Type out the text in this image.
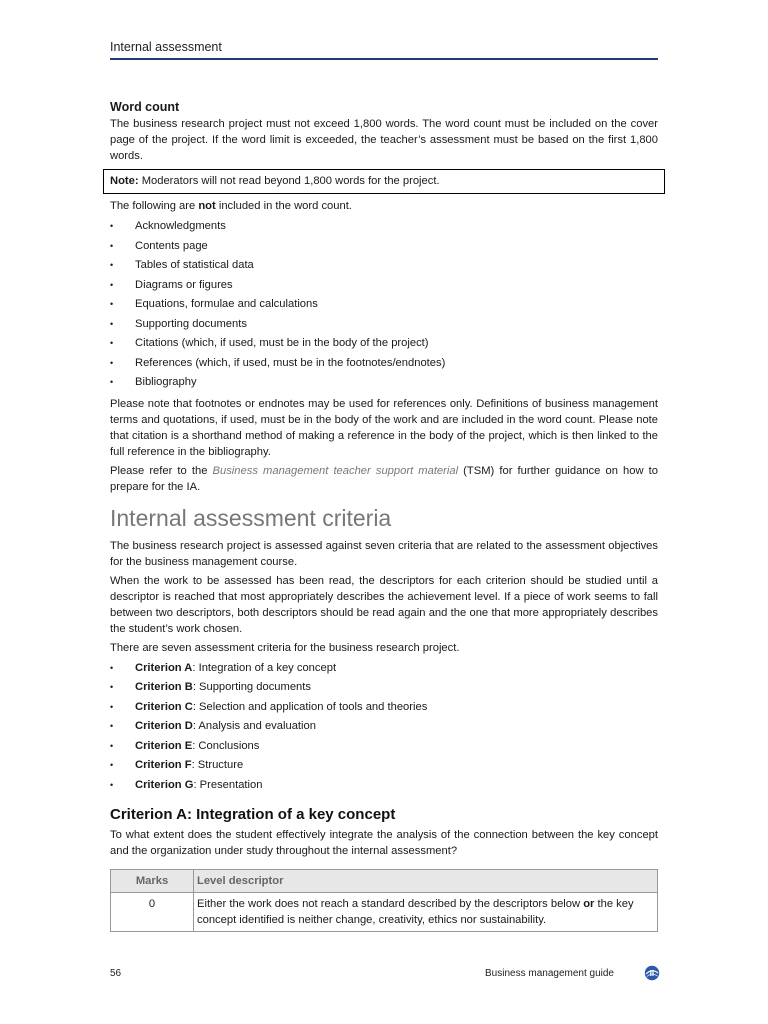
Internal assessment
Word count

The business research project must not exceed 1,800 words. The word count must be included on the cover page of the project. If the word limit is exceeded, the teacher’s assessment must be based on the first 1,800 words.

Note: Moderators will not read beyond 1,800 words for the project.

The following are not included in the word count.

• Acknowledgments
• Contents page
• Tables of statistical data
• Diagrams or figures
• Equations, formulae and calculations
• Supporting documents
• Citations (which, if used, must be in the body of the project)
• References (which, if used, must be in the footnotes/endnotes)
• Bibliography

Please note that footnotes or endnotes may be used for references only. Definitions of business management terms and quotations, if used, must be in the body of the work and are included in the word count. Please note that citation is a shorthand method of making a reference in the body of the project, which is then linked to the full reference in the bibliography.

Please refer to the Business management teacher support material (TSM) for further guidance on how to prepare for the IA.

Internal assessment criteria

The business research project is assessed against seven criteria that are related to the assessment objectives for the business management course.

When the work to be assessed has been read, the descriptors for each criterion should be studied until a descriptor is reached that most appropriately describes the achievement level. If a piece of work seems to fall between two descriptors, both descriptors should be read again and the one that more appropriately describes the student’s work chosen.

There are seven assessment criteria for the business research project.

• Criterion A: Integration of a key concept
• Criterion B: Supporting documents
• Criterion C: Selection and application of tools and theories
• Criterion D: Analysis and evaluation
• Criterion E: Conclusions
• Criterion F: Structure
• Criterion G: Presentation
Criterion A: Integration of a key concept

To what extent does the student effectively integrate the analysis of the connection between the key concept and the organization under study throughout the internal assessment?

Marks	Level descriptor
0	Either the work does not reach a standard described by the descriptors below or the key concept identified is neither change, creativity, ethics nor sustainability.
56	Business management guide
